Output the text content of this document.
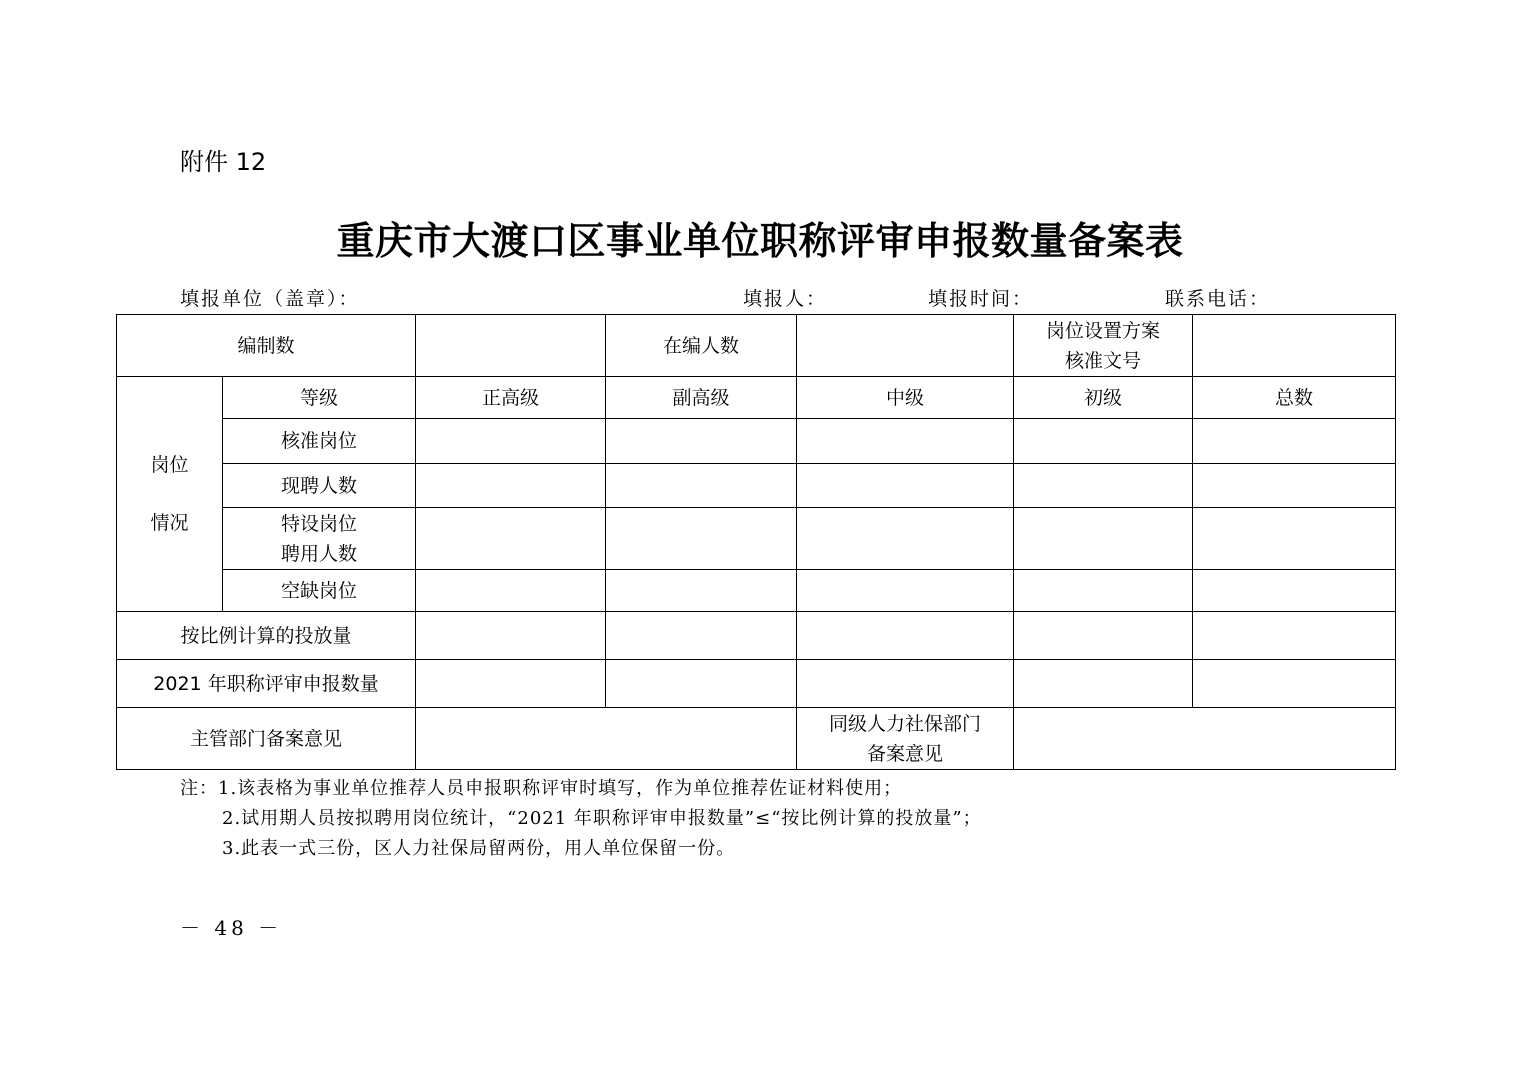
附件 12
重庆市大渡口区事业单位职称评审申报数量备案表
填报单位（盖章）：	填报人：	填报时间：	联系电话：
编制数			在编人数		岗位设置方案
核准文号	

岗位
情况	等级	正高级	副高级	中级	初级	总数
	核准岗位					
	现聘人数					

	特设岗位
聘用人数					

	空缺岗位					
按比例计算的投放量						
2021 年职称评审申报数量						
主管部门备案意见				同级人力社保部门
备案意见		

注：1.该表格为事业单位推荐人员申报职称评审时填写，作为单位推荐佐证材料使用；
2.试用期人员按拟聘用岗位统计，“2021 年职称评审申报数量”≤“按比例计算的投放量”；
3.此表一式三份，区人力社保局留两份，用人单位保留一份。
－ 48 －
